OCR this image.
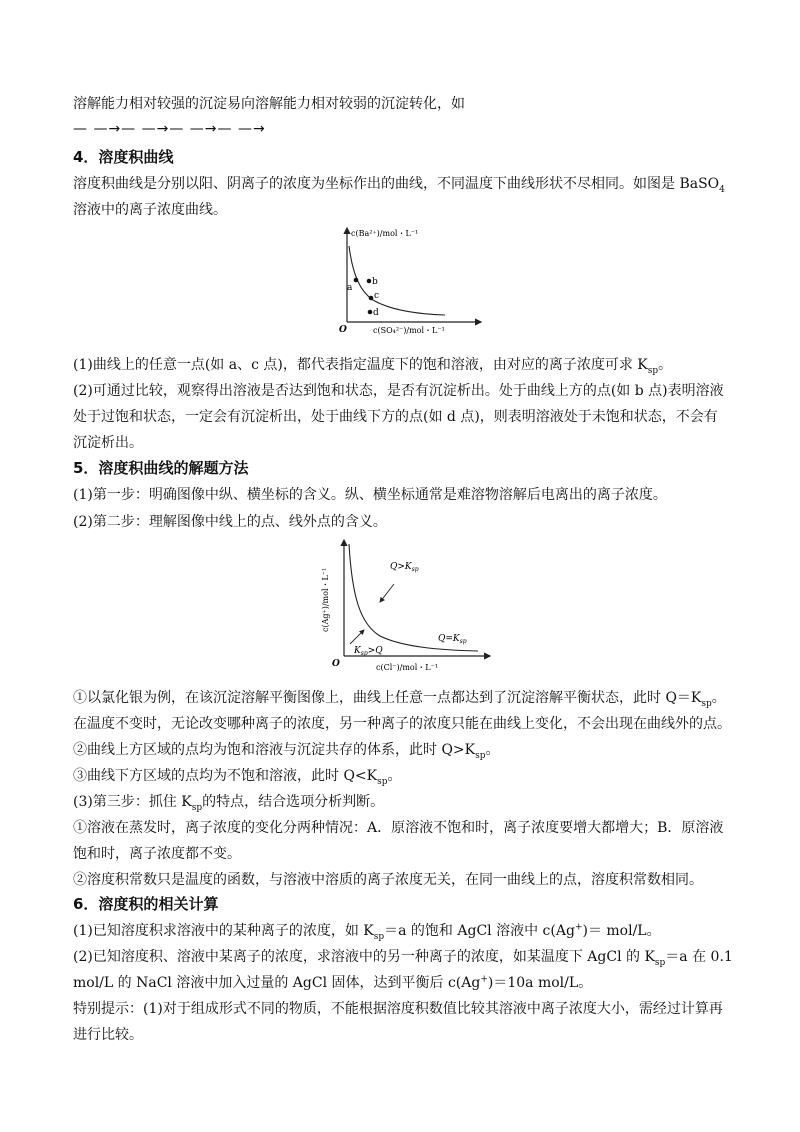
溶解能力相对较强的沉淀易向溶解能力相对较弱的沉淀转化，如

— —→— —→— —→— —→

4．溶度积曲线

溶度积曲线是分别以阳、阴离子的浓度为坐标作出的曲线，不同温度下曲线形状不尽相同。如图是 BaSO$_4$

溶液中的离子浓度曲线。

c(Ba²⁺)/mol・L⁻¹
a
b
c
d
O	c(SO₄²⁻)/mol・L⁻¹

(1)曲线上的任意一点(如 a、c 点)，都代表指定温度下的饱和溶液，由对应的离子浓度可求 $K_{sp}$。

(2)可通过比较，观察得出溶液是否达到饱和状态，是否有沉淀析出。处于曲线上方的点(如 b 点)表明溶液

处于过饱和状态，一定会有沉淀析出，处于曲线下方的点(如 d 点)，则表明溶液处于未饱和状态，不会有

沉淀析出。

5．溶度积曲线的解题方法

(1)第一步：明确图像中纵、横坐标的含义。纵、横坐标通常是难溶物溶解后电离出的离子浓度。

(2)第二步：理解图像中线上的点、线外点的含义。

c(Ag⁺)/mol・L⁻¹
$Q>K_{sp}$
$Q=K_{sp}$
$K_{sp}>Q$
O	c(Cl⁻)/mol・L⁻¹

①以氯化银为例，在该沉淀溶解平衡图像上，曲线上任意一点都达到了沉淀溶解平衡状态，此时 $Q=K_{sp}$。

在温度不变时，无论改变哪种离子的浓度，另一种离子的浓度只能在曲线上变化，不会出现在曲线外的点。

②曲线上方区域的点均为饱和溶液与沉淀共存的体系，此时 $Q>K_{sp}$。

③曲线下方区域的点均为不饱和溶液，此时 $Q<K_{sp}$。

(3)第三步：抓住 $K_{sp}$的特点，结合选项分析判断。

①溶液在蒸发时，离子浓度的变化分两种情况：A．原溶液不饱和时，离子浓度要增大都增大；B．原溶液

饱和时，离子浓度都不变。

②溶度积常数只是温度的函数，与溶液中溶质的离子浓度无关，在同一曲线上的点，溶度积常数相同。

6．溶度积的相关计算

(1)已知溶度积求溶液中的某种离子的浓度，如 $K_{sp}=a$ 的饱和 AgCl 溶液中 c(Ag+)＝ mol/L。

(2)已知溶度积、溶液中某离子的浓度，求溶液中的另一种离子的浓度，如某温度下 AgCl 的 $K_{sp}=a$ 在 0.1

mol/L 的 NaCl 溶液中加入过量的 AgCl 固体，达到平衡后 c(Ag+)＝10a mol/L。

特别提示：(1)对于组成形式不同的物质，不能根据溶度积数值比较其溶液中离子浓度大小，需经过计算再

进行比较。
